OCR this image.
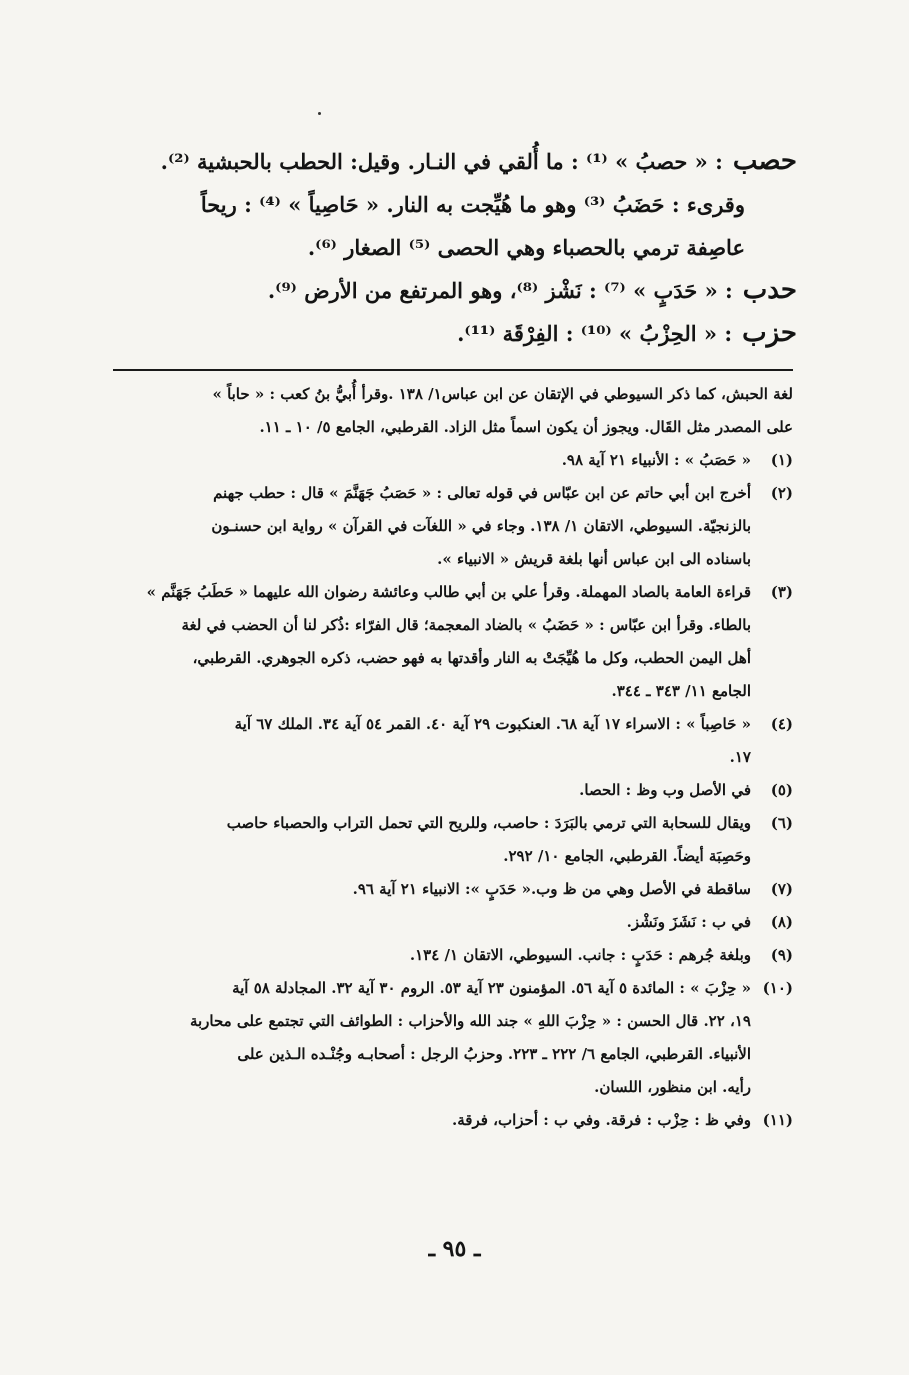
حصب: « حصبُ » ⁽¹⁾ : ما أُلقي في النـار. وقيل: الحطب بالحبشية ⁽²⁾.
وقرىء : حَضَبُ ⁽³⁾ وهو ما هُيِّجت به النار. « حَاصِياً » ⁽⁴⁾ : ريحاً
عاصِفة ترمي بالحصباء وهي الحصى ⁽⁵⁾ الصغار ⁽⁶⁾.
حدب: « حَدَبٍ » ⁽⁷⁾ : نَشْز ⁽⁸⁾، وهو المرتفع من الأرض ⁽⁹⁾.
حزب: « الحِزْبُ » ⁽¹⁰⁾ : الفِرْقَة ⁽¹¹⁾.
لغة الحبش، كما ذكر السيوطي في الإتقان عن ابن عباس١/ ١٣٨ .وقرأ أُبيُّ بنُ كعب : « حاباً »
على المصدر مثل القَال. ويجوز أن يكون اسماً مثل الزاد. القرطبي، الجامع ٥/ ١٠ ـ ١١.
(١)
« حَصَبُ » : الأنبياء ٢١ آية ٩٨.
(٢)
أخرج ابن أبي حاتم عن ابن عبّاس في قوله تعالى : « حَصَبُ جَهَنَّمَ » قال : حطب جهنم
بالزنجيّة. السيوطي، الاتقان ١/ ١٣٨. وجاء في « اللغآت في القرآن » رواية ابن حسنـون
باسناده الى ابن عباس أنها بلغة قريش « الانبياء ».
(٣)
قراءة العامة بالصاد المهملة. وقرأ علي بن أبي طالب وعائشة رضوان الله عليهما « حَطَبُ جَهَنَّم »
بالطاء. وقرأ ابن عبّاس : « حَضَبُ » بالضاد المعجمة؛ قال الفرّاء :ذُكر لنا أن الحضب في لغة
أهل اليمن الحطب، وكل ما هُيِّجَتْ به النار وأقدتها به فهو حضب، ذكره الجوهري. القرطبي،
الجامع ١١/ ٣٤٣ ـ ٣٤٤.
(٤)
« حَاصِباً » : الاسراء ١٧ آية ٦٨. العنكبوت ٢٩ آية ٤٠. القمر ٥٤ آية ٣٤. الملك ٦٧ آية
١٧.
(٥)
في الأصل وب وظ : الحصا.
(٦)
ويقال للسحابة التي ترمي بالبَرَدَ : حاصب، وللريح التي تحمل التراب والحصباء حاصب
وحَصِبَة أيضاً. القرطبي، الجامع ١٠/ ٢٩٢.
(٧)
ساقطة في الأصل وهي من ظ وب.« حَدَبٍ »: الانبياء ٢١ آية ٩٦.
(٨)
في ب : نَشَزَ ونَشْز.
(٩)
وبلغة جُرهم : حَدَبٍ : جانب. السيوطي، الاتقان ١/ ١٣٤.
(١٠)
« حِزْبَ » : المائدة ٥ آية ٥٦. المؤمنون ٢٣ آية ٥٣. الروم ٣٠ آية ٣٢. المجادلة ٥٨ آية
١٩، ٢٢. قال الحسن : « حِزْبَ اللهِ » جند الله والأحزاب : الطوائف التي تجتمع على محاربة
الأنبياء. القرطبي، الجامع ٦/ ٢٢٢ ـ ٢٢٣. وحزبُ الرجل : أصحابـه وجُنْـده الـذين على
رأيه. ابن منظور، اللسان.
(١١)
وفي ظ : حِزْب : فرقة. وفي ب : أحزاب، فرقة.
ـ ٩٥ ـ
